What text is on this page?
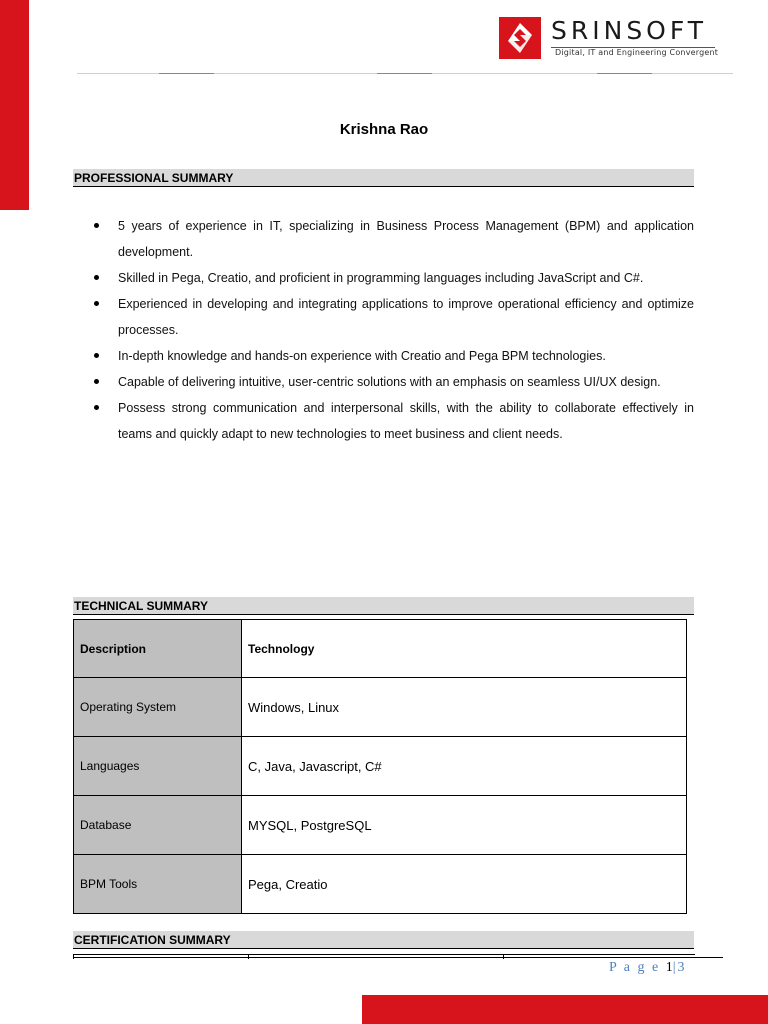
SRINSOFT
Digital, IT and Engineering Convergent
Krishna Rao
PROFESSIONAL SUMMARY
5 years of experience in IT, specializing in Business Process Management (BPM) and application development.
Skilled in Pega, Creatio, and proficient in programming languages including JavaScript and C#.
Experienced in developing and integrating applications to improve operational efficiency and optimize processes.
In-depth knowledge and hands-on experience with Creatio and Pega BPM technologies.
Capable of delivering intuitive, user-centric solutions with an emphasis on seamless UI/UX design.
Possess strong communication and interpersonal skills, with the ability to collaborate effectively in teams and quickly adapt to new technologies to meet business and client needs.
TECHNICAL SUMMARY
Description	Technology
Operating System	Windows, Linux
Languages	C, Java, Javascript, C#
Database	MYSQL, PostgreSQL
BPM Tools	Pega, Creatio
CERTIFICATION SUMMARY
P a g e 1|3
